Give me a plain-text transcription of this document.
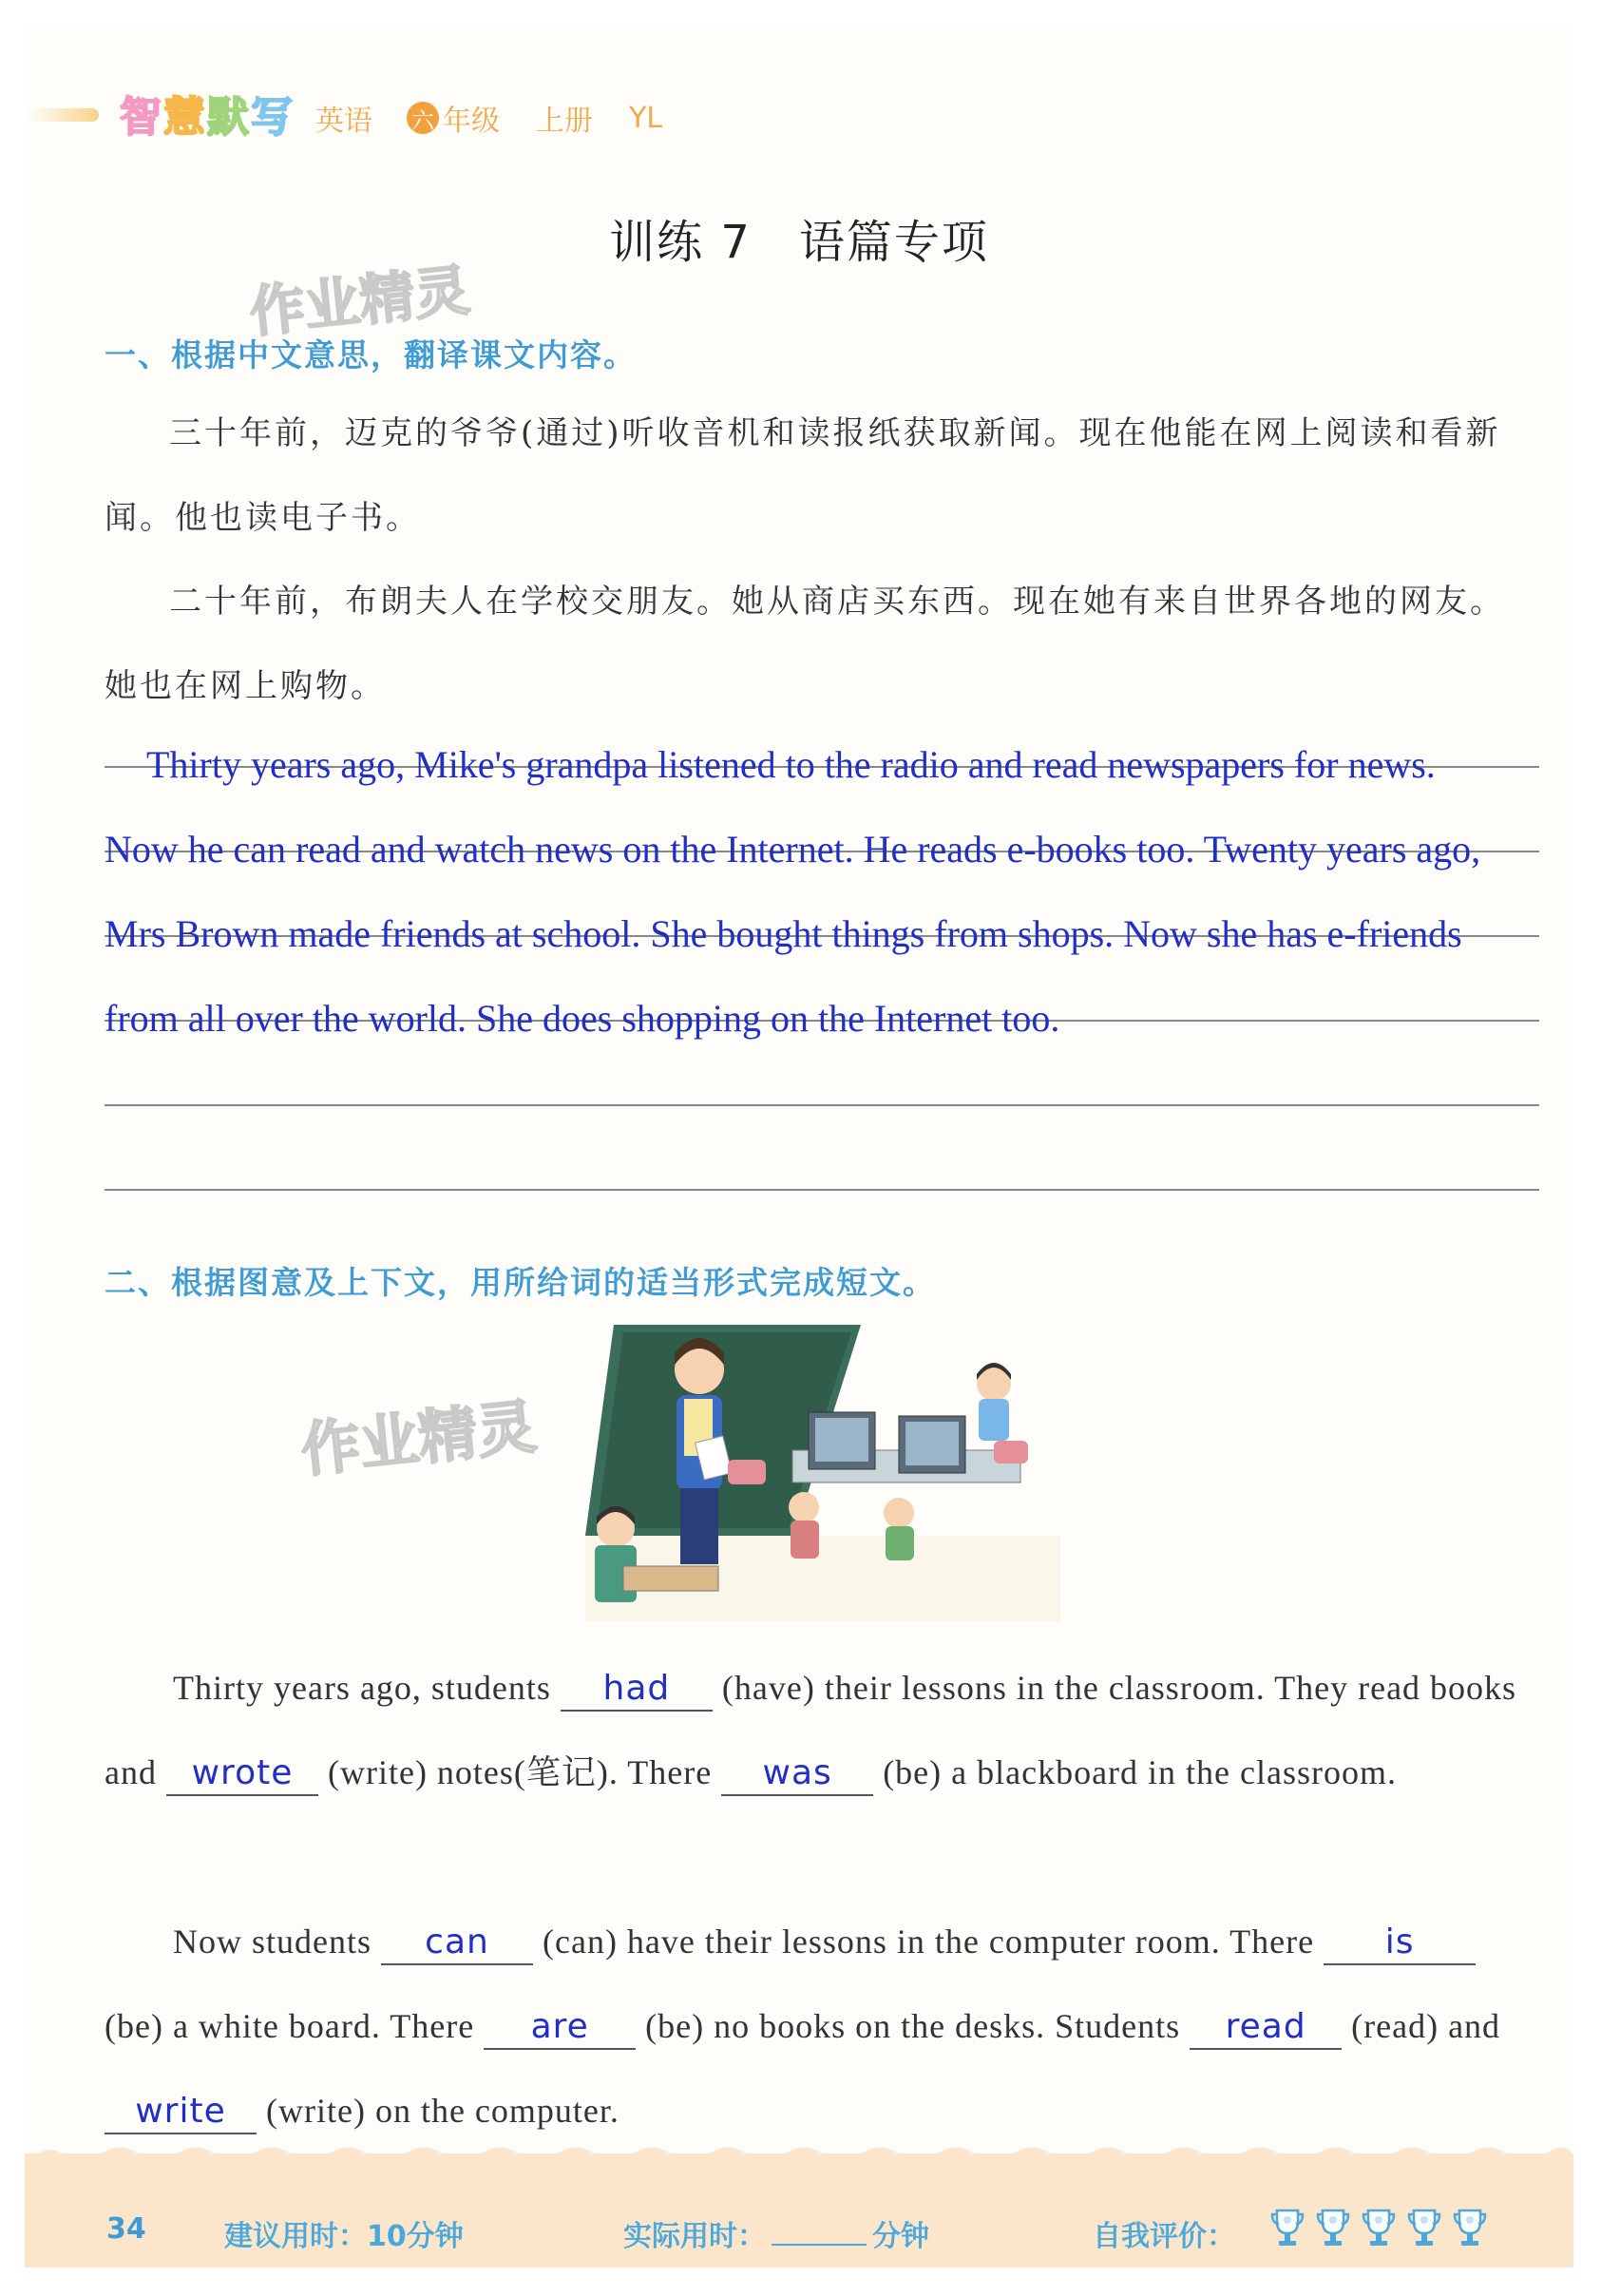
智 慧 默 写 英语 六 年级 上册 YL
训练 7　语篇专项
作业精灵
一、根据中文意思，翻译课文内容。

三十年前，迈克的爷爷(通过)听收音机和读报纸获取新闻。现在他能在网上阅读和看新闻。他也读电子书。

二十年前，布朗夫人在学校交朋友。她从商店买东西。现在她有来自世界各地的网友。她也在网上购物。

Thirty years ago, Mike's grandpa listened to the radio and read newspapers for news.

Now he can read and watch news on the Internet. He reads e-books too. Twenty years ago,
Mrs Brown made friends at school. She bought things from shops. Now she has e-friends
from all over the world. She does shopping on the Internet too.
二、根据图意及上下文，用所给词的适当形式完成短文。
作业精灵

Thirty years ago, students had (have) their lessons in the classroom. They read books and wrote (write) notes(笔记). There was (be) a blackboard in the classroom.

Now students can (can) have their lessons in the computer room. There is (be) a white board. There are (be) no books on the desks. Students read (read) and write (write) on the computer.

34	建议用时：10分钟	实际用时：	分钟	自我评价：
